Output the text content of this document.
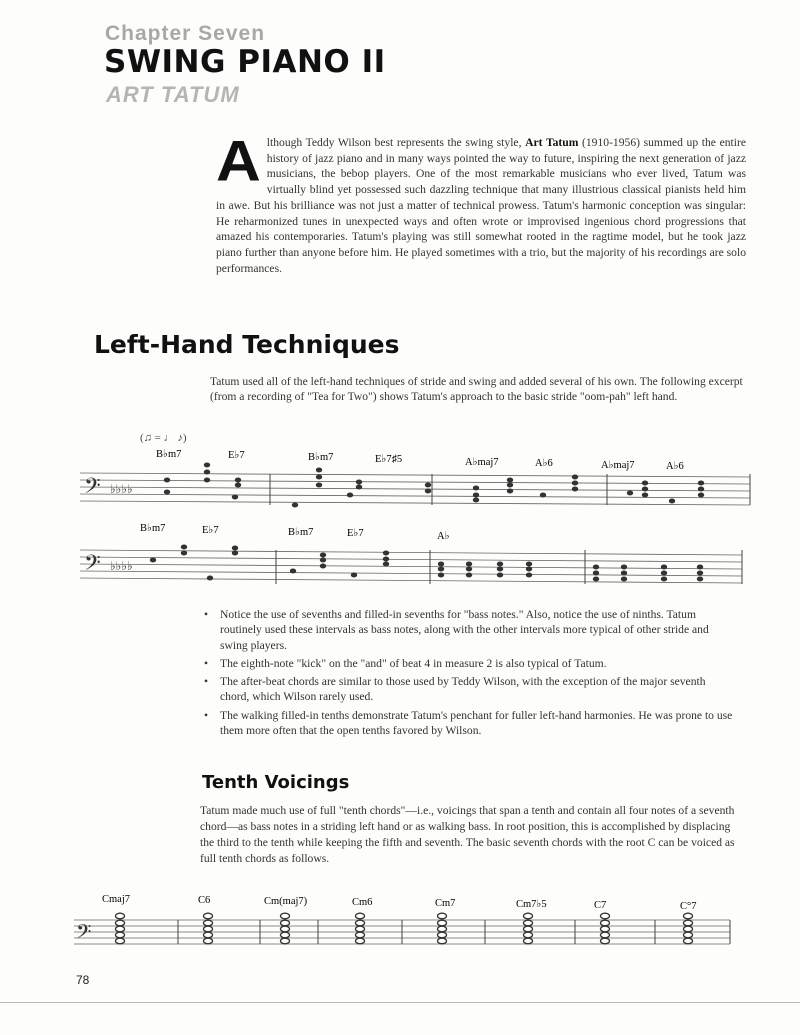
Chapter Seven
SWING PIANO II
ART TATUM
Although Teddy Wilson best represents the swing style, Art Tatum (1910-1956) summed up the entire history of jazz piano and in many ways pointed the way to future, inspiring the next generation of jazz musicians, the bebop players. One of the most remarkable musicians who ever lived, Tatum was virtually blind yet possessed such dazzling technique that many illustrious classical pianists held him in awe. But his brilliance was not just a matter of technical prowess. Tatum's harmonic conception was singular: He reharmonized tunes in unexpected ways and often wrote or improvised ingenious chord progressions that amazed his contemporaries. Tatum's playing was still somewhat rooted in the ragtime model, but he took jazz piano further than anyone before him. He played sometimes with a trio, but the majority of his recordings are solo performances.
Left-Hand Techniques
Tatum used all of the left-hand techniques of stride and swing and added several of his own. The following excerpt (from a recording of "Tea for Two") shows Tatum's approach to the basic stride "oom-pah" left hand.
(♫ = ♩ ♪)
𝄢 ♭♭♭♭
𝄢 ♭♭♭♭
B♭m7	E♭7	B♭m7	E♭7♯5	A♭maj7	A♭6	A♭maj7	A♭6
B♭m7	E♭7	B♭m7	E♭7	A♭
• Notice the use of sevenths and filled-in sevenths for "bass notes." Also, notice the use of ninths. Tatum routinely used these intervals as bass notes, along with the other intervals more typical of other stride and swing players.
• The eighth-note "kick" on the "and" of beat 4 in measure 2 is also typical of Tatum.
• The after-beat chords are similar to those used by Teddy Wilson, with the exception of the major seventh chord, which Wilson rarely used.
• The walking filled-in tenths demonstrate Tatum's penchant for fuller left-hand harmonies. He was prone to use them more often that the open tenths favored by Wilson.
Tenth Voicings
Tatum made much use of full "tenth chords"—i.e., voicings that span a tenth and contain all four notes of a seventh chord—as bass notes in a striding left hand or as walking bass. In root position, this is accomplished by displacing the third to the tenth while keeping the fifth and seventh. The basic seventh chords with the root C can be voiced as full tenth chords as follows.
𝄢
Cmaj7	C6	Cm(maj7)	Cm6	Cm7	Cm7♭5	C7	C°7
78
